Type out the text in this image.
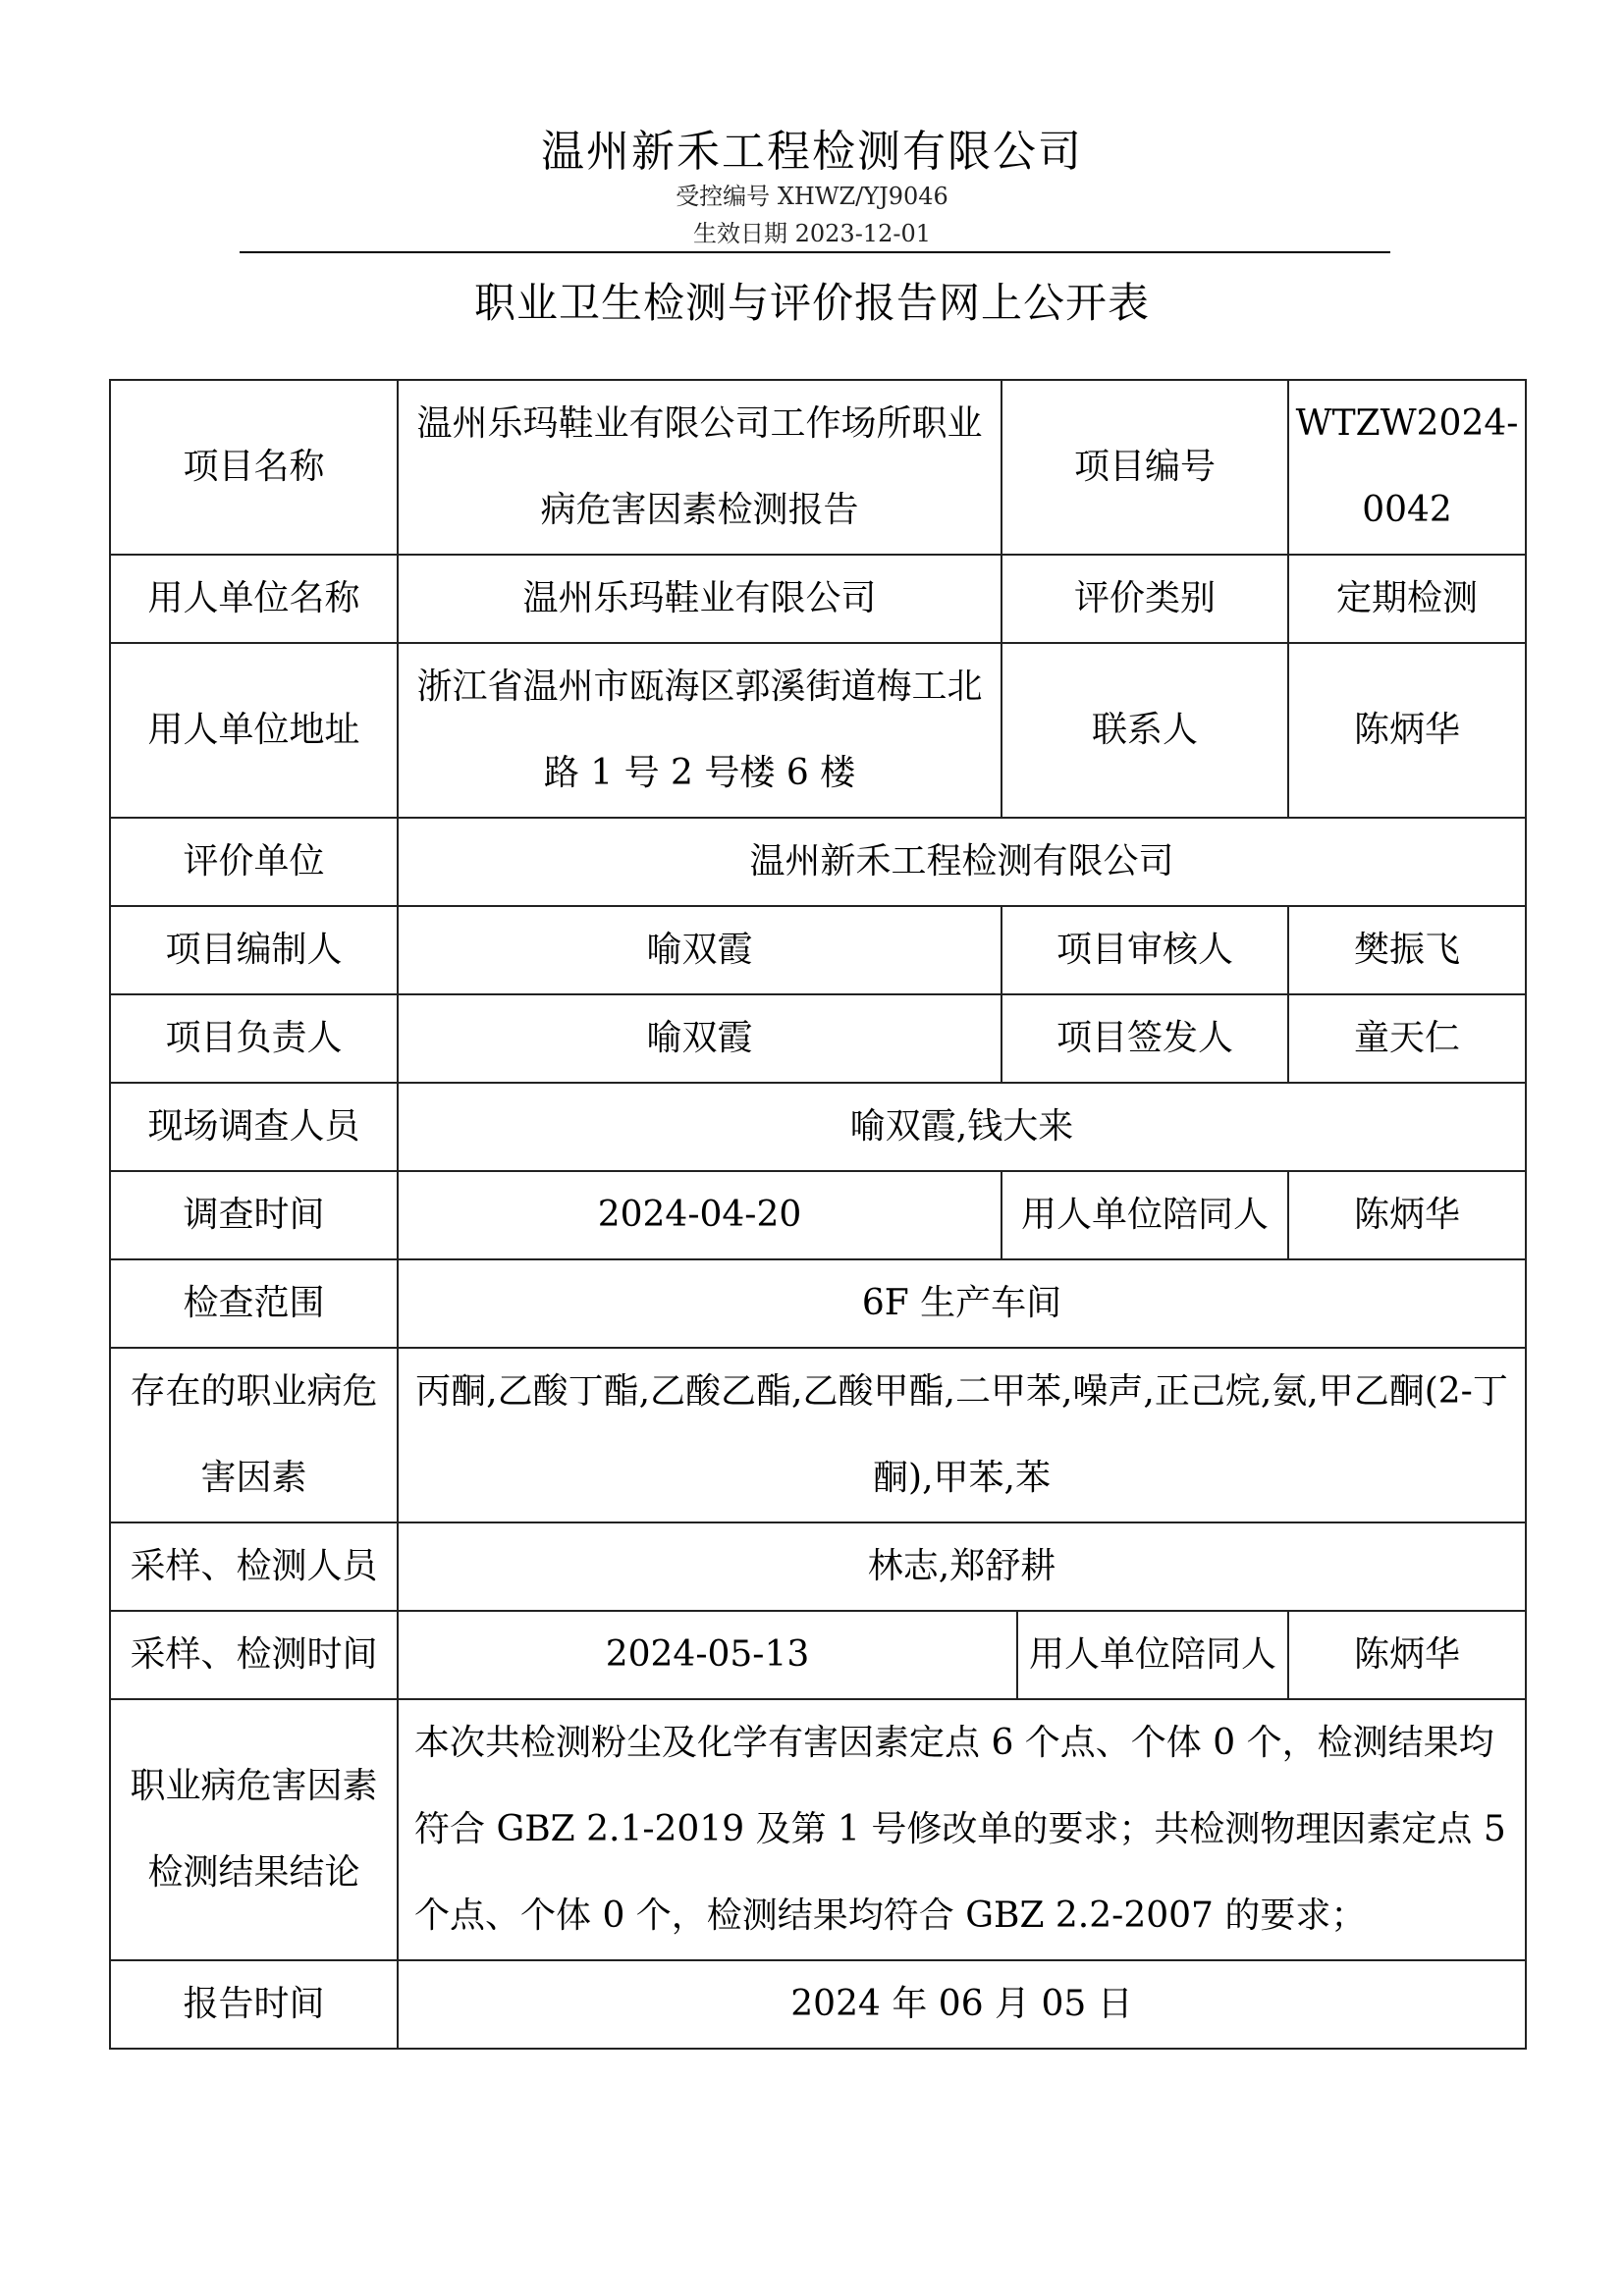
温州新禾工程检测有限公司
受控编号 XHWZ/YJ9046
生效日期 2023-12-01
职业卫生检测与评价报告网上公开表
项目名称	温州乐玛鞋业有限公司工作场所职业病危害因素检测报告	项目编号		WTZW2024-0042
用人单位名称	温州乐玛鞋业有限公司	评价类别		定期检测
用人单位地址	浙江省温州市瓯海区郭溪街道梅工北路 1 号 2 号楼 6 楼	联系人		陈炳华
评价单位	温州新禾工程检测有限公司			
项目编制人	喻双霞	项目审核人		樊振飞
项目负责人	喻双霞	项目签发人		童天仁
现场调查人员	喻双霞,钱大来			
调查时间	2024-04-20	用人单位陪同人		陈炳华
检查范围	6F 生产车间			
存在的职业病危害因素	丙酮,乙酸丁酯,乙酸乙酯,乙酸甲酯,二甲苯,噪声,正己烷,氨,甲乙酮(2-丁酮),甲苯,苯			
采样、检测人员	林志,郑舒耕			
采样、检测时间	2024-05-13		用人单位陪同人	陈炳华
职业病危害因素检测结果结论	本次共检测粉尘及化学有害因素定点 6 个点、个体 0 个，检测结果均符合 GBZ 2.1-2019 及第 1 号修改单的要求；共检测物理因素定点 5 个点、个体 0 个，检测结果均符合 GBZ 2.2-2007 的要求；			
报告时间	2024 年 06 月 05 日			
